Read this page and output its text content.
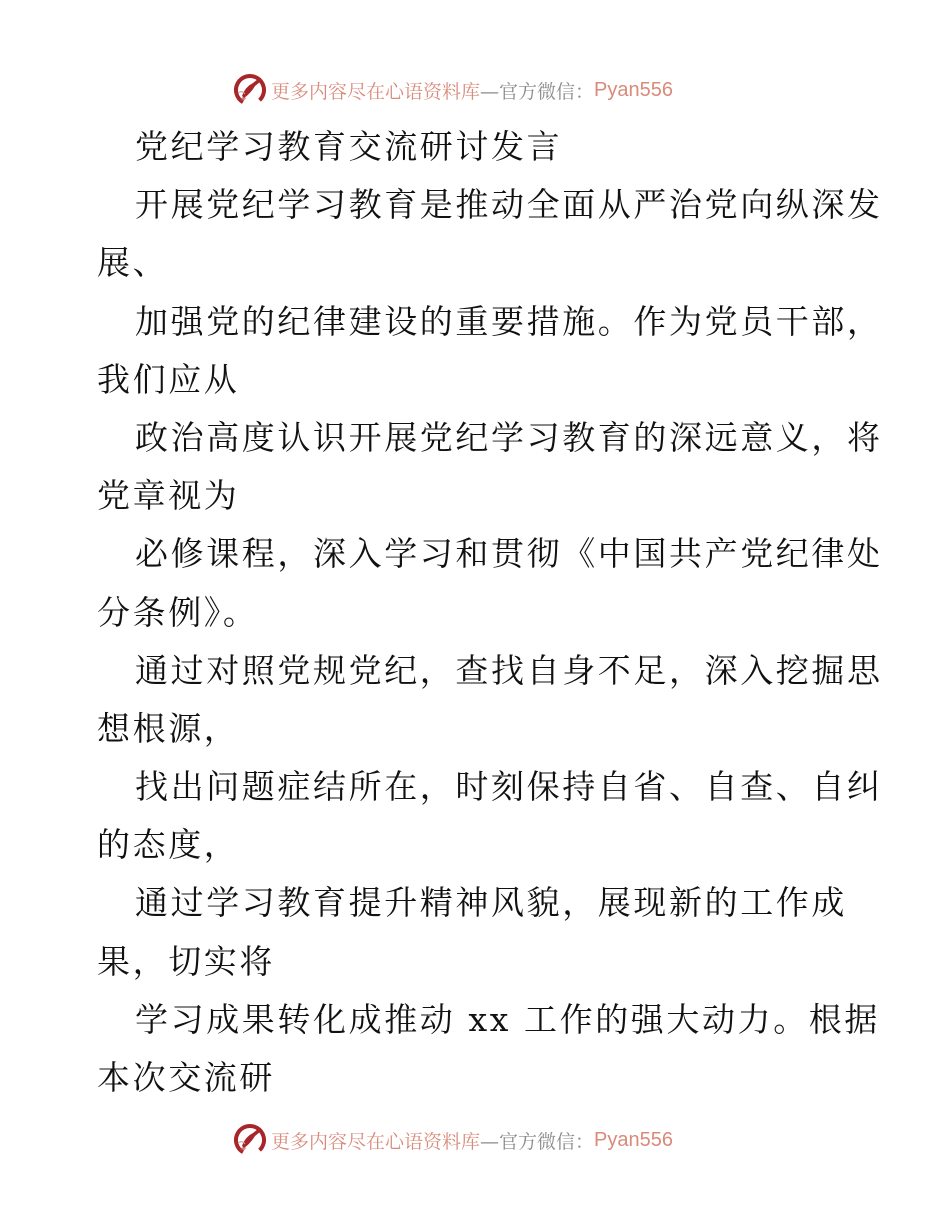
更多内容尽在心语资料库 —官方微信： Pyan556
党纪学习教育交流研讨发言
开展党纪学习教育是推动全面从严治党向纵深发
展、
加强党的纪律建设的重要措施。作为党员干部，
我们应从
政治高度认识开展党纪学习教育的深远意义，将
党章视为
必修课程，深入学习和贯彻《中国共产党纪律处
分条例》。
通过对照党规党纪，查找自身不足，深入挖掘思
想根源，
找出问题症结所在，时刻保持自省、自查、自纠
的态度，
通过学习教育提升精神风貌，展现新的工作成
果，切实将
学习成果转化成推动 xx 工作的强大动力。根据
本次交流研
更多内容尽在心语资料库 —官方微信： Pyan556
